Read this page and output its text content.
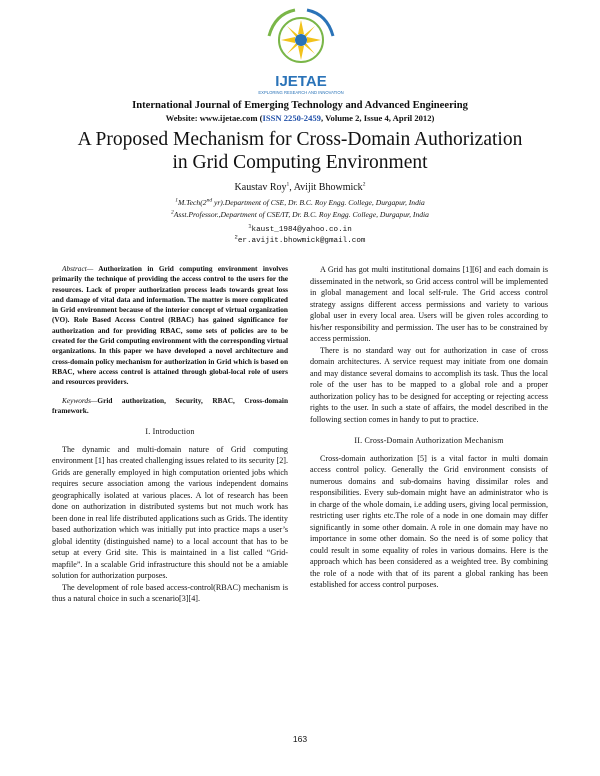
IJETAE
EXPLORING RESEARCH AND INNOVATION
International Journal of Emerging Technology and Advanced Engineering
Website: www.ijetae.com (ISSN 2250-2459, Volume 2, Issue 4, April 2012)
A Proposed Mechanism for Cross-Domain Authorization
in Grid Computing Environment
Kaustav Roy$^1$, Avijit Bhowmick$^2$
$^1$M.Tech(2nd yr).Department of CSE, Dr. B.C. Roy Engg. College, Durgapur, India
$^2$Asst.Professor.,Department of CSE/IT, Dr. B.C. Roy Engg. College, Durgapur, India
$^1$kaust_1984@yahoo.co.in
$^2$er.avijit.bhowmick@gmail.com

Abstract— Authorization in Grid computing environment involves primarily the technique of providing the access control to the users for the resources. Lack of proper authorization process leads towards great loss and damage of vital data and information. The matter is more complicated in Grid environment because of the interior concept of virtual organization (VO). Role Based Access Control (RBAC) has gained significance for authorization and for providing RBAC, some sets of policies are to be created for the Grid computing environment with the corresponding virtual organizations. In this paper we have developed a novel architecture and cross-domain policy mechanism for authorization in Grid which is based on RBAC, where access control is attained through global-local role of users and resources providers.

Keywords—Grid authorization, Security, RBAC, Cross-domain framework.

I. Introduction

The dynamic and multi-domain nature of Grid computing environment [1] has created challenging issues related to its security [2]. Grids are generally employed in high computation oriented jobs which requires secure association among the various independent domains geographically isolated at various places. A lot of research has been done on authorization in distributed systems but not much work has been done in real life distributed applications such as Grids. The identity based authorization which was initially put into practice maps a user’s global identity (distinguished name) to a local account that has to be setup at every Grid site. This is maintained in a list called “Grid-mapfile”. In a scalable Grid infrastructure this should not be a amiable solution for authorization purposes.

The development of role based access-control(RBAC) mechanism is thus a natural choice in such a scenario[3][4].

A Grid has got multi institutional domains [1][6] and each domain is disseminated in the network, so Grid access control will be implemented in global management and local self-rule. The Grid access control strategy assigns different access permissions and variety to various global user in every local area. Users will be given roles according to his/her responsibility and permission. The user has to be constrained by access permission.

There is no standard way out for authorization in case of cross domain architectures. A service request may initiate from one domain and may distance several domains to accomplish its task. Thus the local role of the user has to be mapped to a global role and a proper authorization policy has to be designed for accepting or rejecting access rights to the user. In such a state of affairs, the model described in the following section comes in handy to put to practice.

II. Cross-Domain Authorization Mechanism

Cross-domain authorization [5] is a vital factor in multi domain access control policy. Generally the Grid environment consists of numerous domains and sub-domains having dissimilar roles and responsibilities. Every sub-domain might have an administrator who is in charge of the whole domain, i.e adding users, giving local permission, restricting user rights etc.The role of a node in one domain may differ significantly in some other domain. A role in one domain may have no importance in some other domain. So the need is of some policy that could result in some equality of roles in various domains. Here is the approach which has been considered as a weighted tree. By combining the role of a node with that of its parent a global ranking has been established for access control purposes.

163
